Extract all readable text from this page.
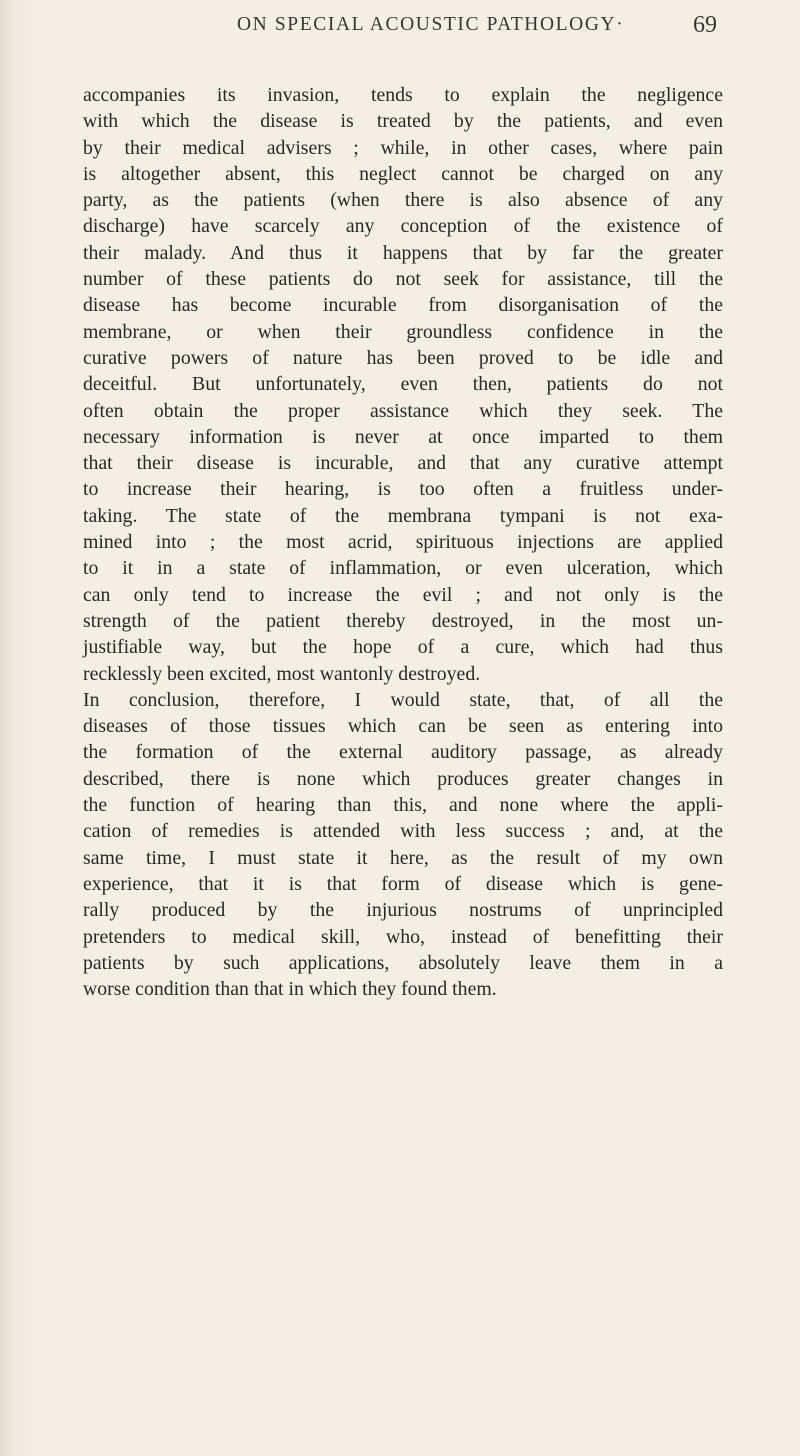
ON SPECIAL ACOUSTIC PATHOLOGY·	69
accompanies its invasion, tends to explain the negligence
with which the disease is treated by the patients, and even
by their medical advisers ; while, in other cases, where pain
is altogether absent, this neglect cannot be charged on any
party, as the patients (when there is also absence of any
discharge) have scarcely any conception of the existence of
their malady. And thus it happens that by far the greater
number of these patients do not seek for assistance, till the
disease has become incurable from disorganisation of the
membrane, or when their groundless confidence in the
curative powers of nature has been proved to be idle and
deceitful. But unfortunately, even then, patients do not
often obtain the proper assistance which they seek. The
necessary information is never at once imparted to them
that their disease is incurable, and that any curative attempt
to increase their hearing, is too often a fruitless under-
taking. The state of the membrana tympani is not exa-
mined into ; the most acrid, spirituous injections are applied
to it in a state of inflammation, or even ulceration, which
can only tend to increase the evil ; and not only is the
strength of the patient thereby destroyed, in the most un-
justifiable way, but the hope of a cure, which had thus
recklessly been excited, most wantonly destroyed.
In conclusion, therefore, I would state, that, of all the
diseases of those tissues which can be seen as entering into
the formation of the external auditory passage, as already
described, there is none which produces greater changes in
the function of hearing than this, and none where the appli-
cation of remedies is attended with less success ; and, at the
same time, I must state it here, as the result of my own
experience, that it is that form of disease which is gene-
rally produced by the injurious nostrums of unprincipled
pretenders to medical skill, who, instead of benefitting their
patients by such applications, absolutely leave them in a
worse condition than that in which they found them.
